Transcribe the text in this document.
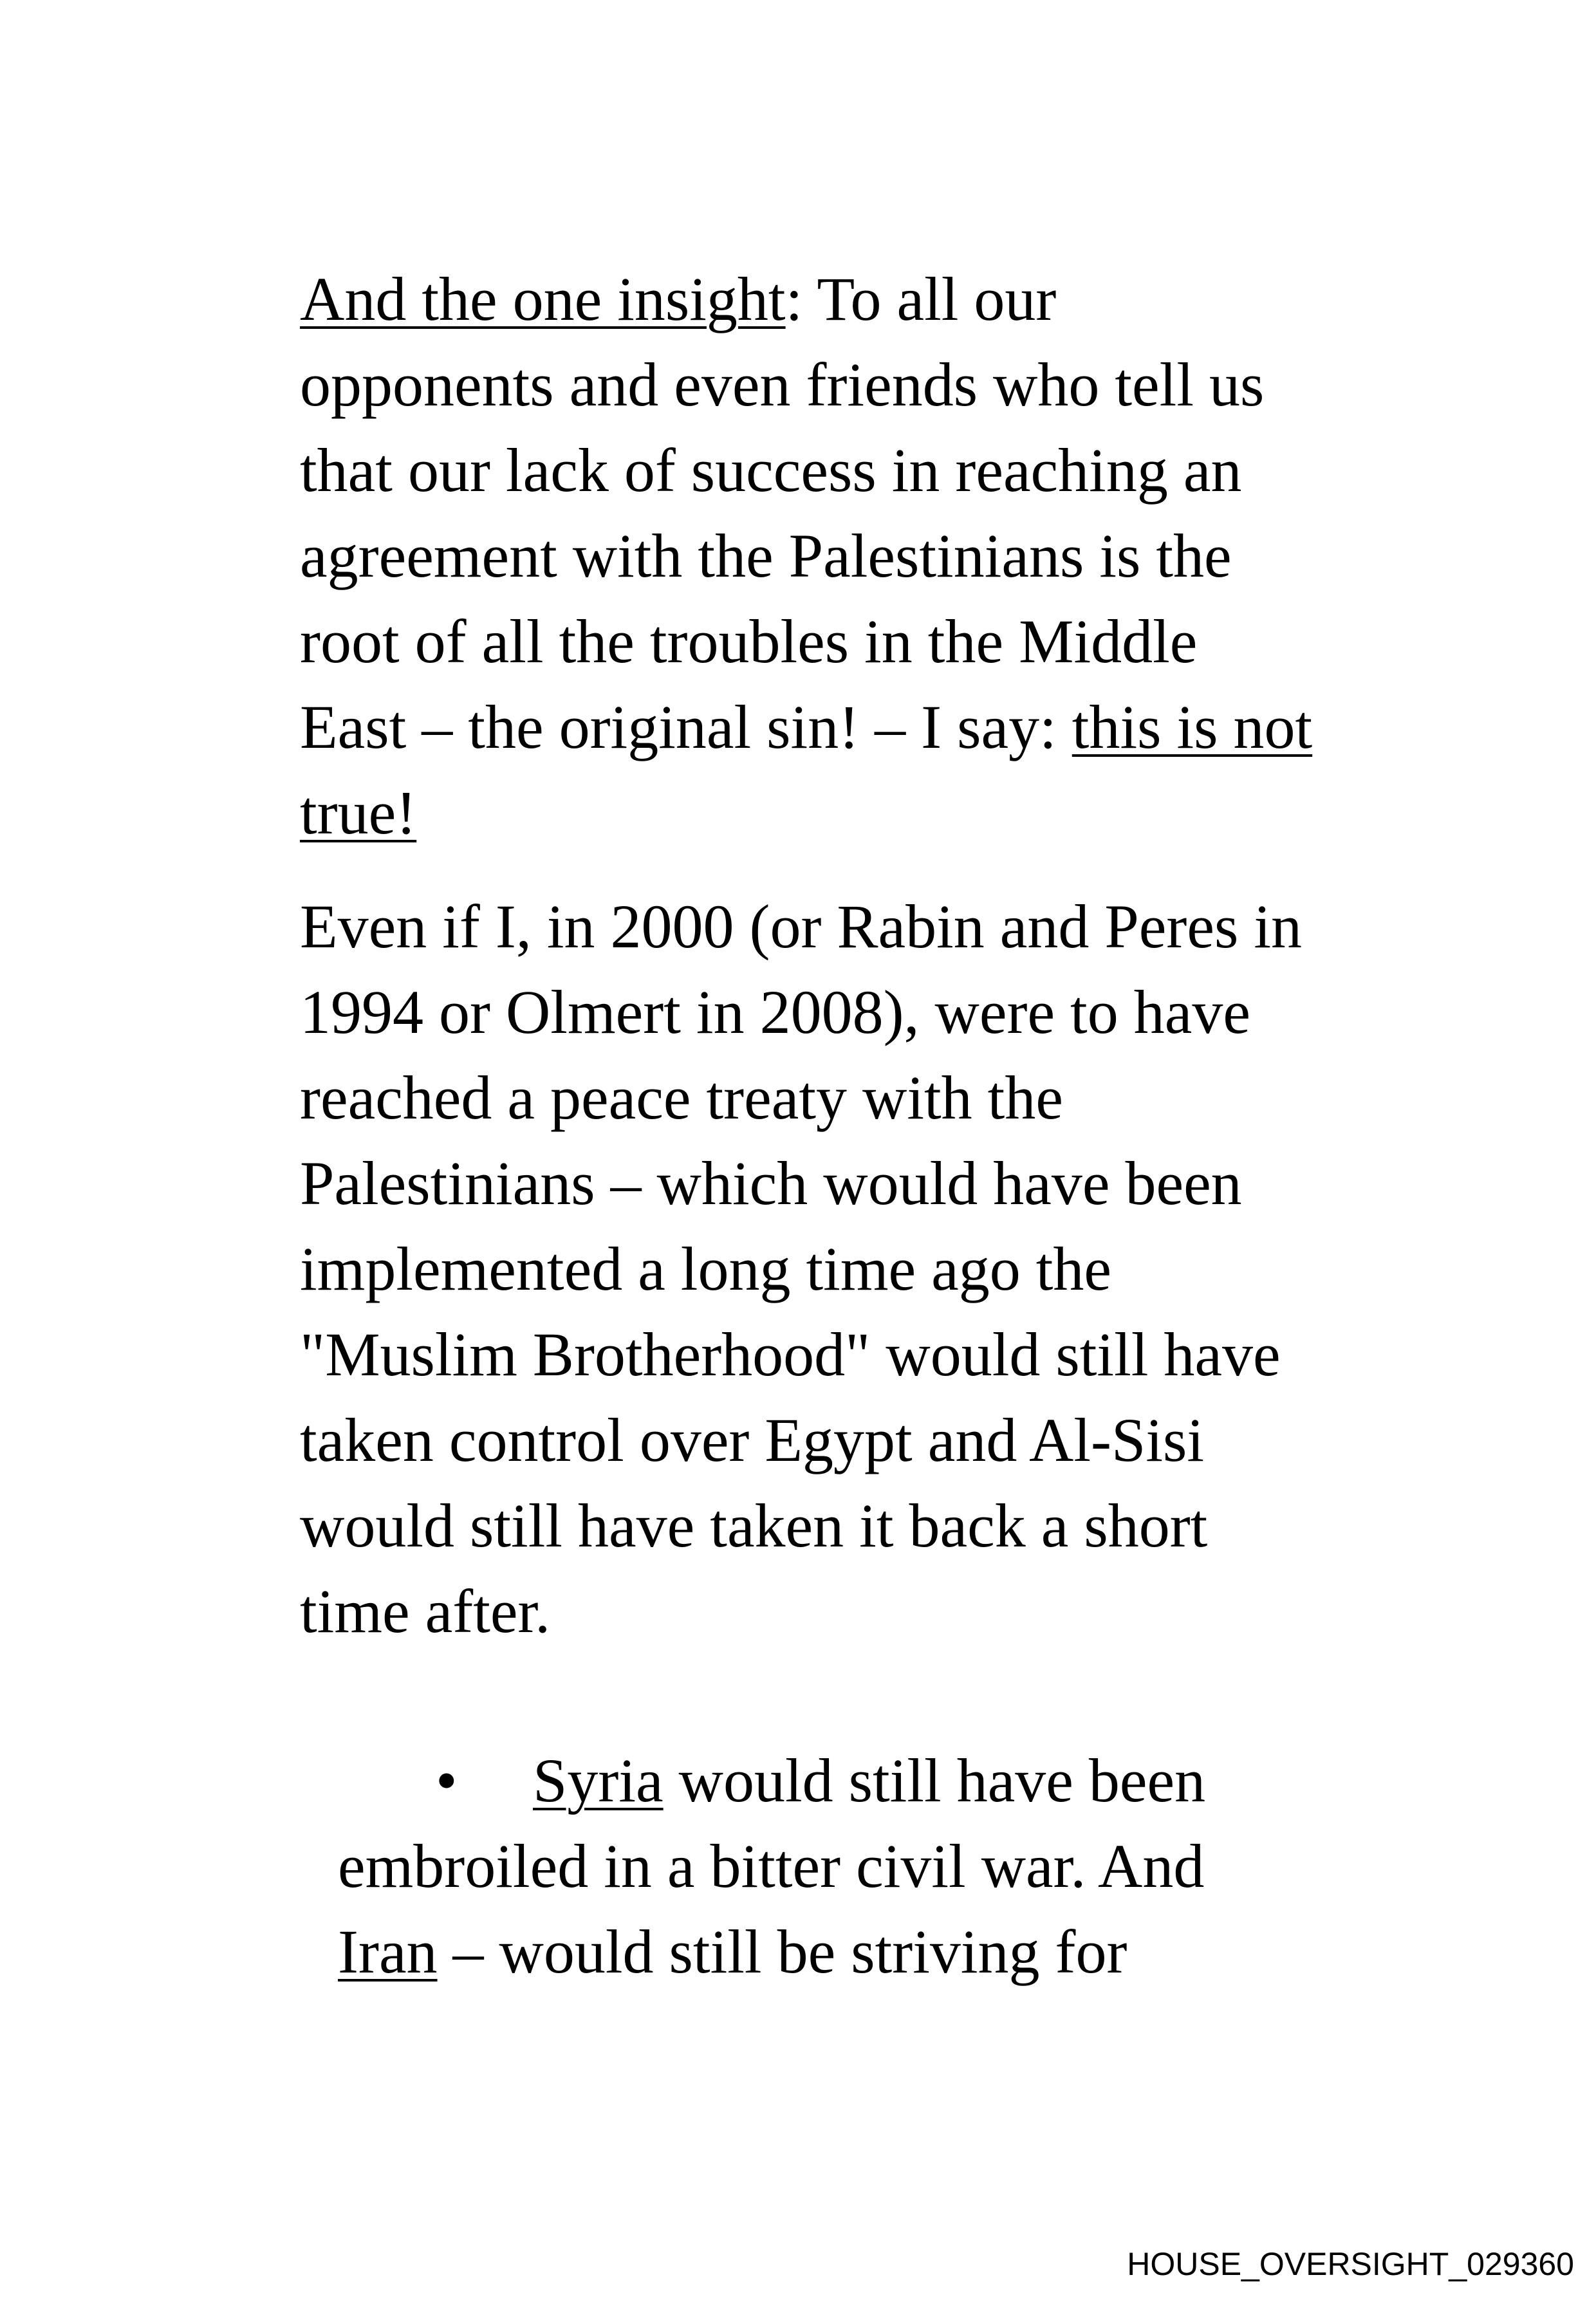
And the one insight: To all our
opponents and even friends who tell us
that our lack of success in reaching an
agreement with the Palestinians is the
root of all the troubles in the Middle
East – the original sin! – I say: this is not
true!

Even if I, in 2000 (or Rabin and Peres in
1994 or Olmert in 2008), were to have
reached a peace treaty with the
Palestinians – which would have been
implemented a long time ago the
"Muslim Brotherhood" would still have
taken control over Egypt and Al-Sisi
would still have taken it back a short
time after.

• Syria would still have been
embroiled in a bitter civil war. And
Iran – would still be striving for
HOUSE_OVERSIGHT_029360
